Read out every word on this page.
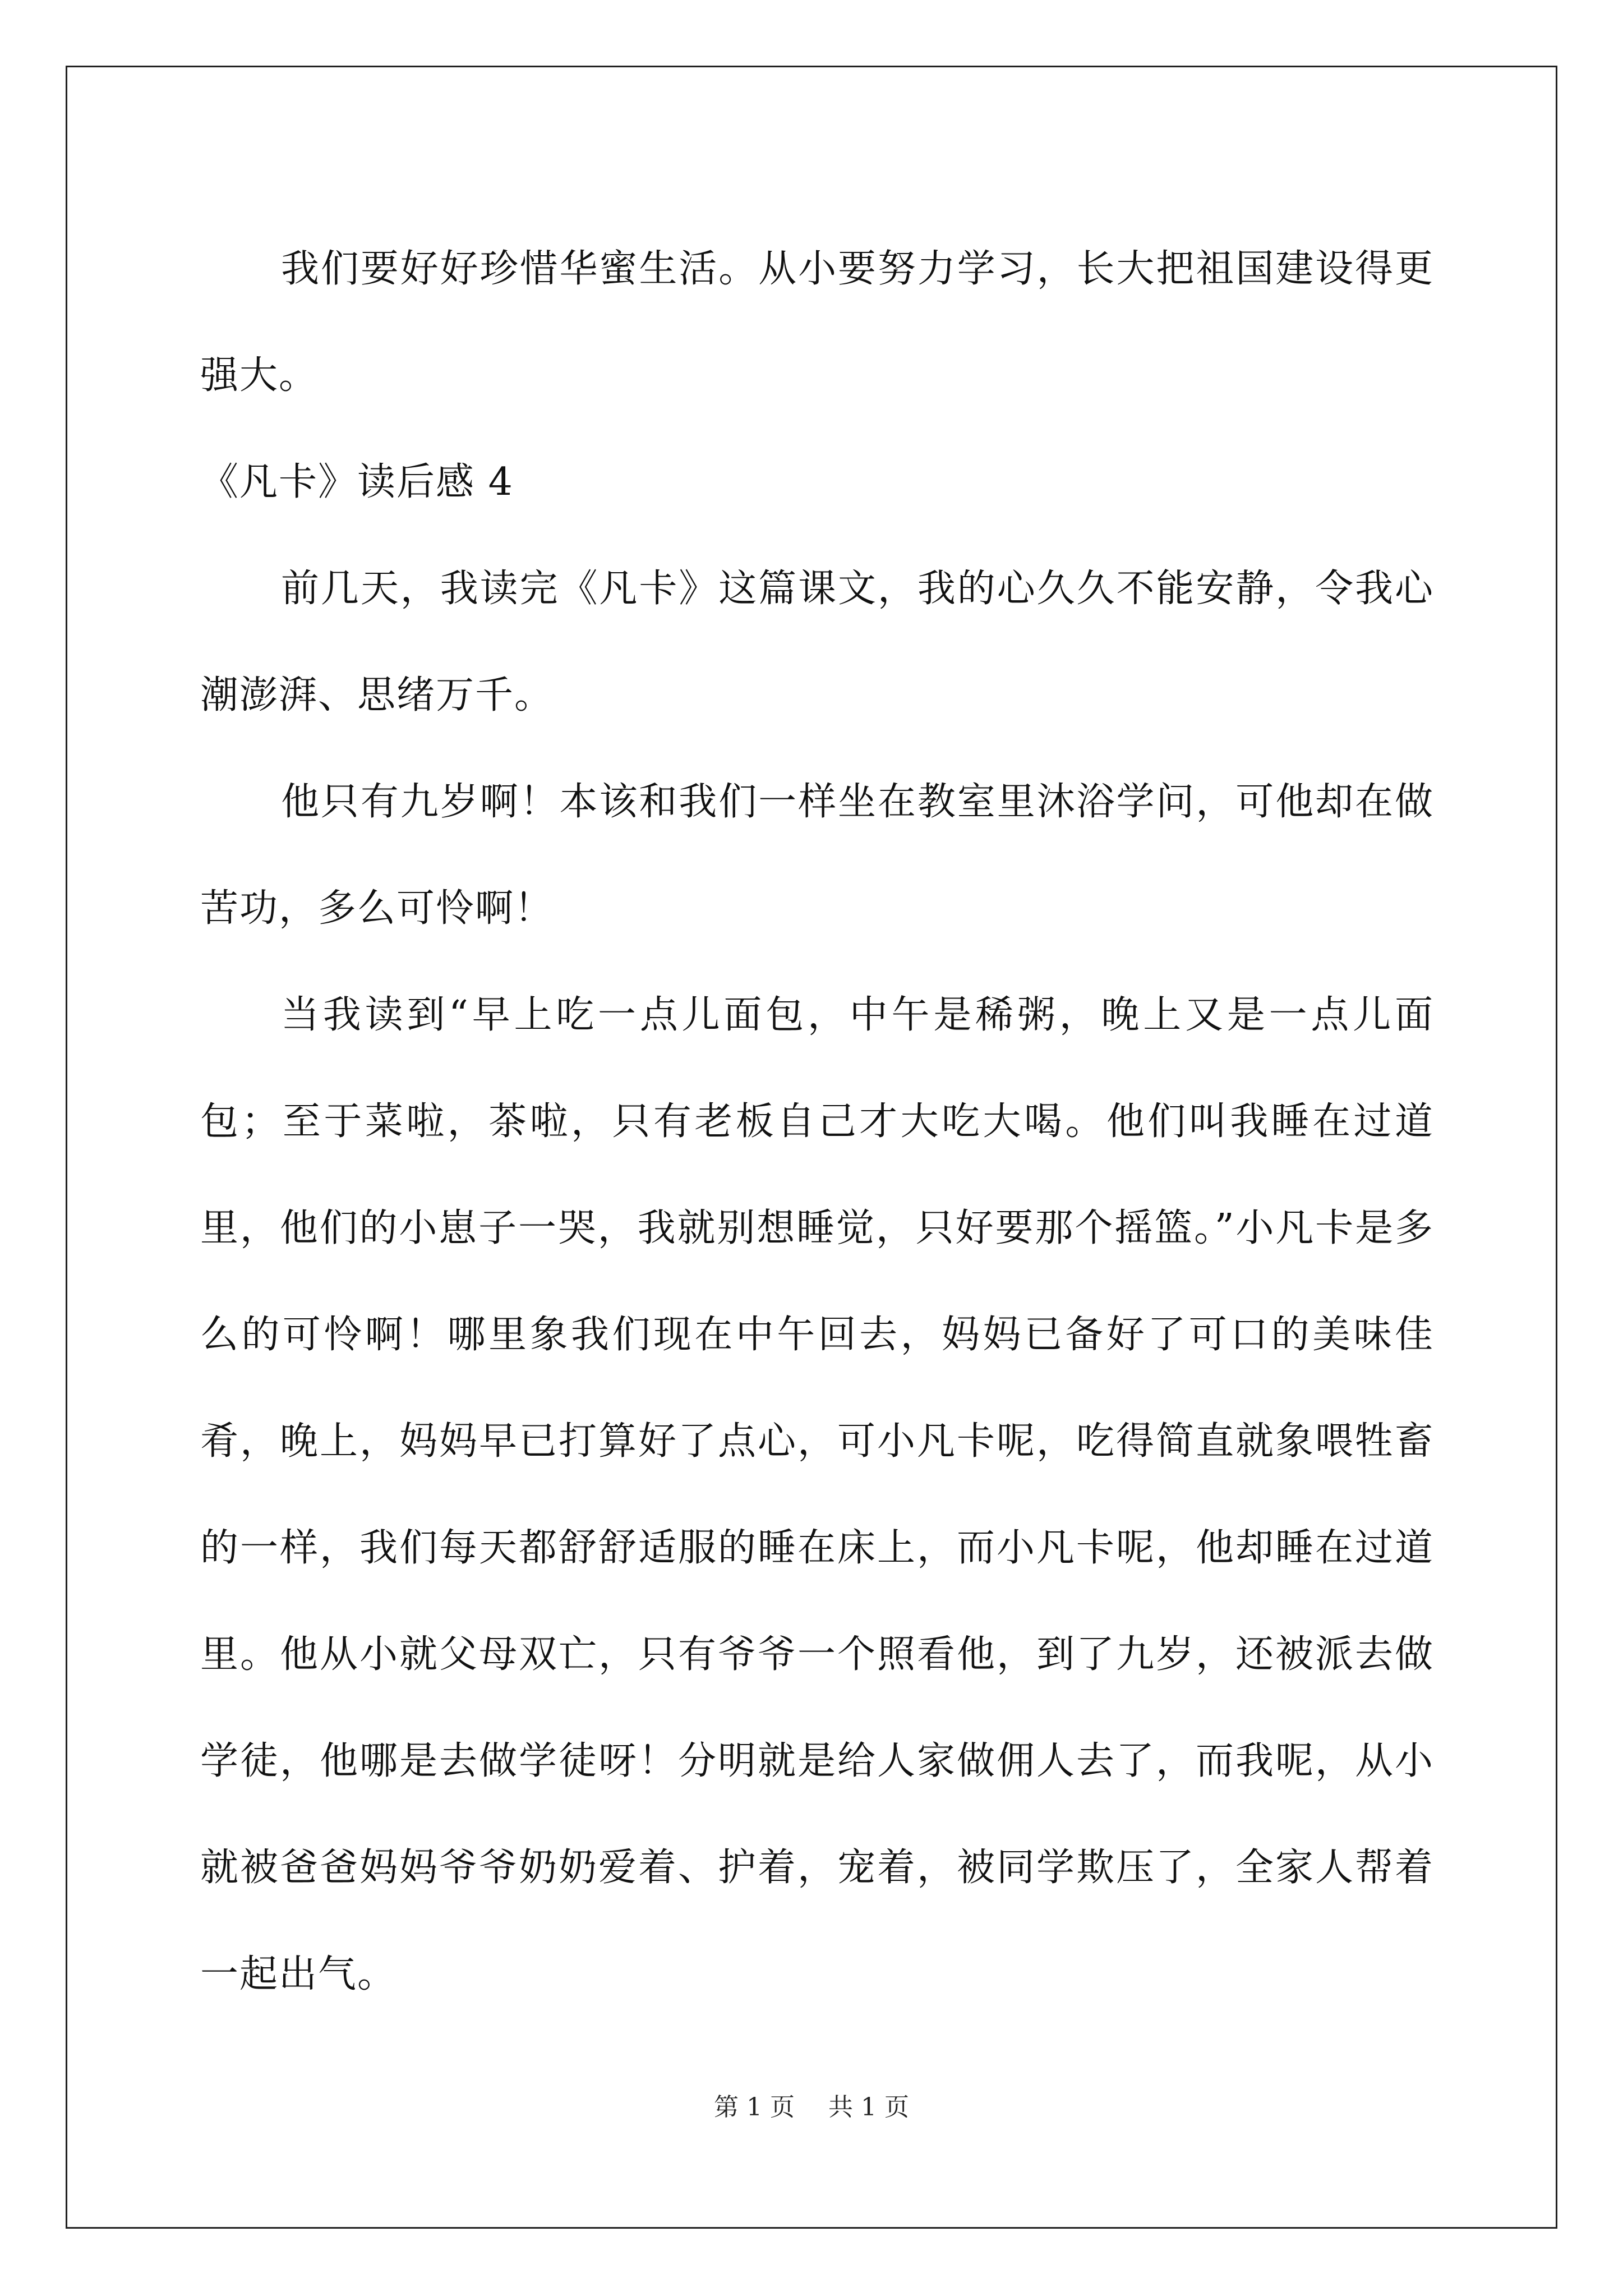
我们要好好珍惜华蜜生活。从小要努力学习，长大把祖国建设得更强大。

《凡卡》读后感 4

前几天，我读完《凡卡》这篇课文，我的心久久不能安静，令我心潮澎湃、思绪万千。

他只有九岁啊！本该和我们一样坐在教室里沐浴学问，可他却在做苦功，多么可怜啊！

当我读到“早上吃一点儿面包，中午是稀粥，晚上又是一点儿面包；至于菜啦，茶啦，只有老板自己才大吃大喝。他们叫我睡在过道里，他们的小崽子一哭，我就别想睡觉，只好要那个摇篮。”小凡卡是多么的可怜啊！哪里象我们现在中午回去，妈妈已备好了可口的美味佳肴，晚上，妈妈早已打算好了点心，可小凡卡呢，吃得简直就象喂牲畜的一样，我们每天都舒舒适服的睡在床上，而小凡卡呢，他却睡在过道里。他从小就父母双亡，只有爷爷一个照看他，到了九岁，还被派去做学徒，他哪是去做学徒呀！分明就是给人家做佣人去了，而我呢，从小就被爸爸妈妈爷爷奶奶爱着、护着，宠着，被同学欺压了，全家人帮着一起出气。

第 1 页 共 1 页
